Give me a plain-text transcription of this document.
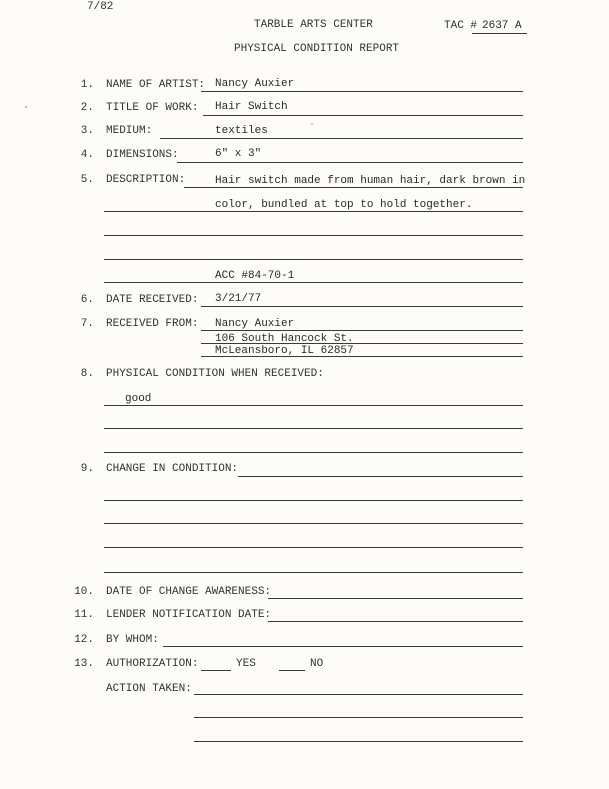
7/82
TARBLE ARTS CENTER	TAC # 2637 A
PHYSICAL CONDITION REPORT
1. NAME OF ARTIST: Nancy Auxier
2. TITLE OF WORK: Hair Switch
3. MEDIUM:	textiles
4. DIMENSIONS:	6" x 3"
5. DESCRIPTION:	Hair switch made from human hair, dark brown in
color, bundled at top to hold together.
ACC #84-70-1
6. DATE RECEIVED: 3/21/77
7. RECEIVED FROM: Nancy Auxier
106 South Hancock St.
McLeansboro, IL 62857
8. PHYSICAL CONDITION WHEN RECEIVED:
good
9. CHANGE IN CONDITION:
10. DATE OF CHANGE AWARENESS:
11. LENDER NOTIFICATION DATE:
12. BY WHOM:
13. AUTHORIZATION:	YES	NO
ACTION TAKEN:
